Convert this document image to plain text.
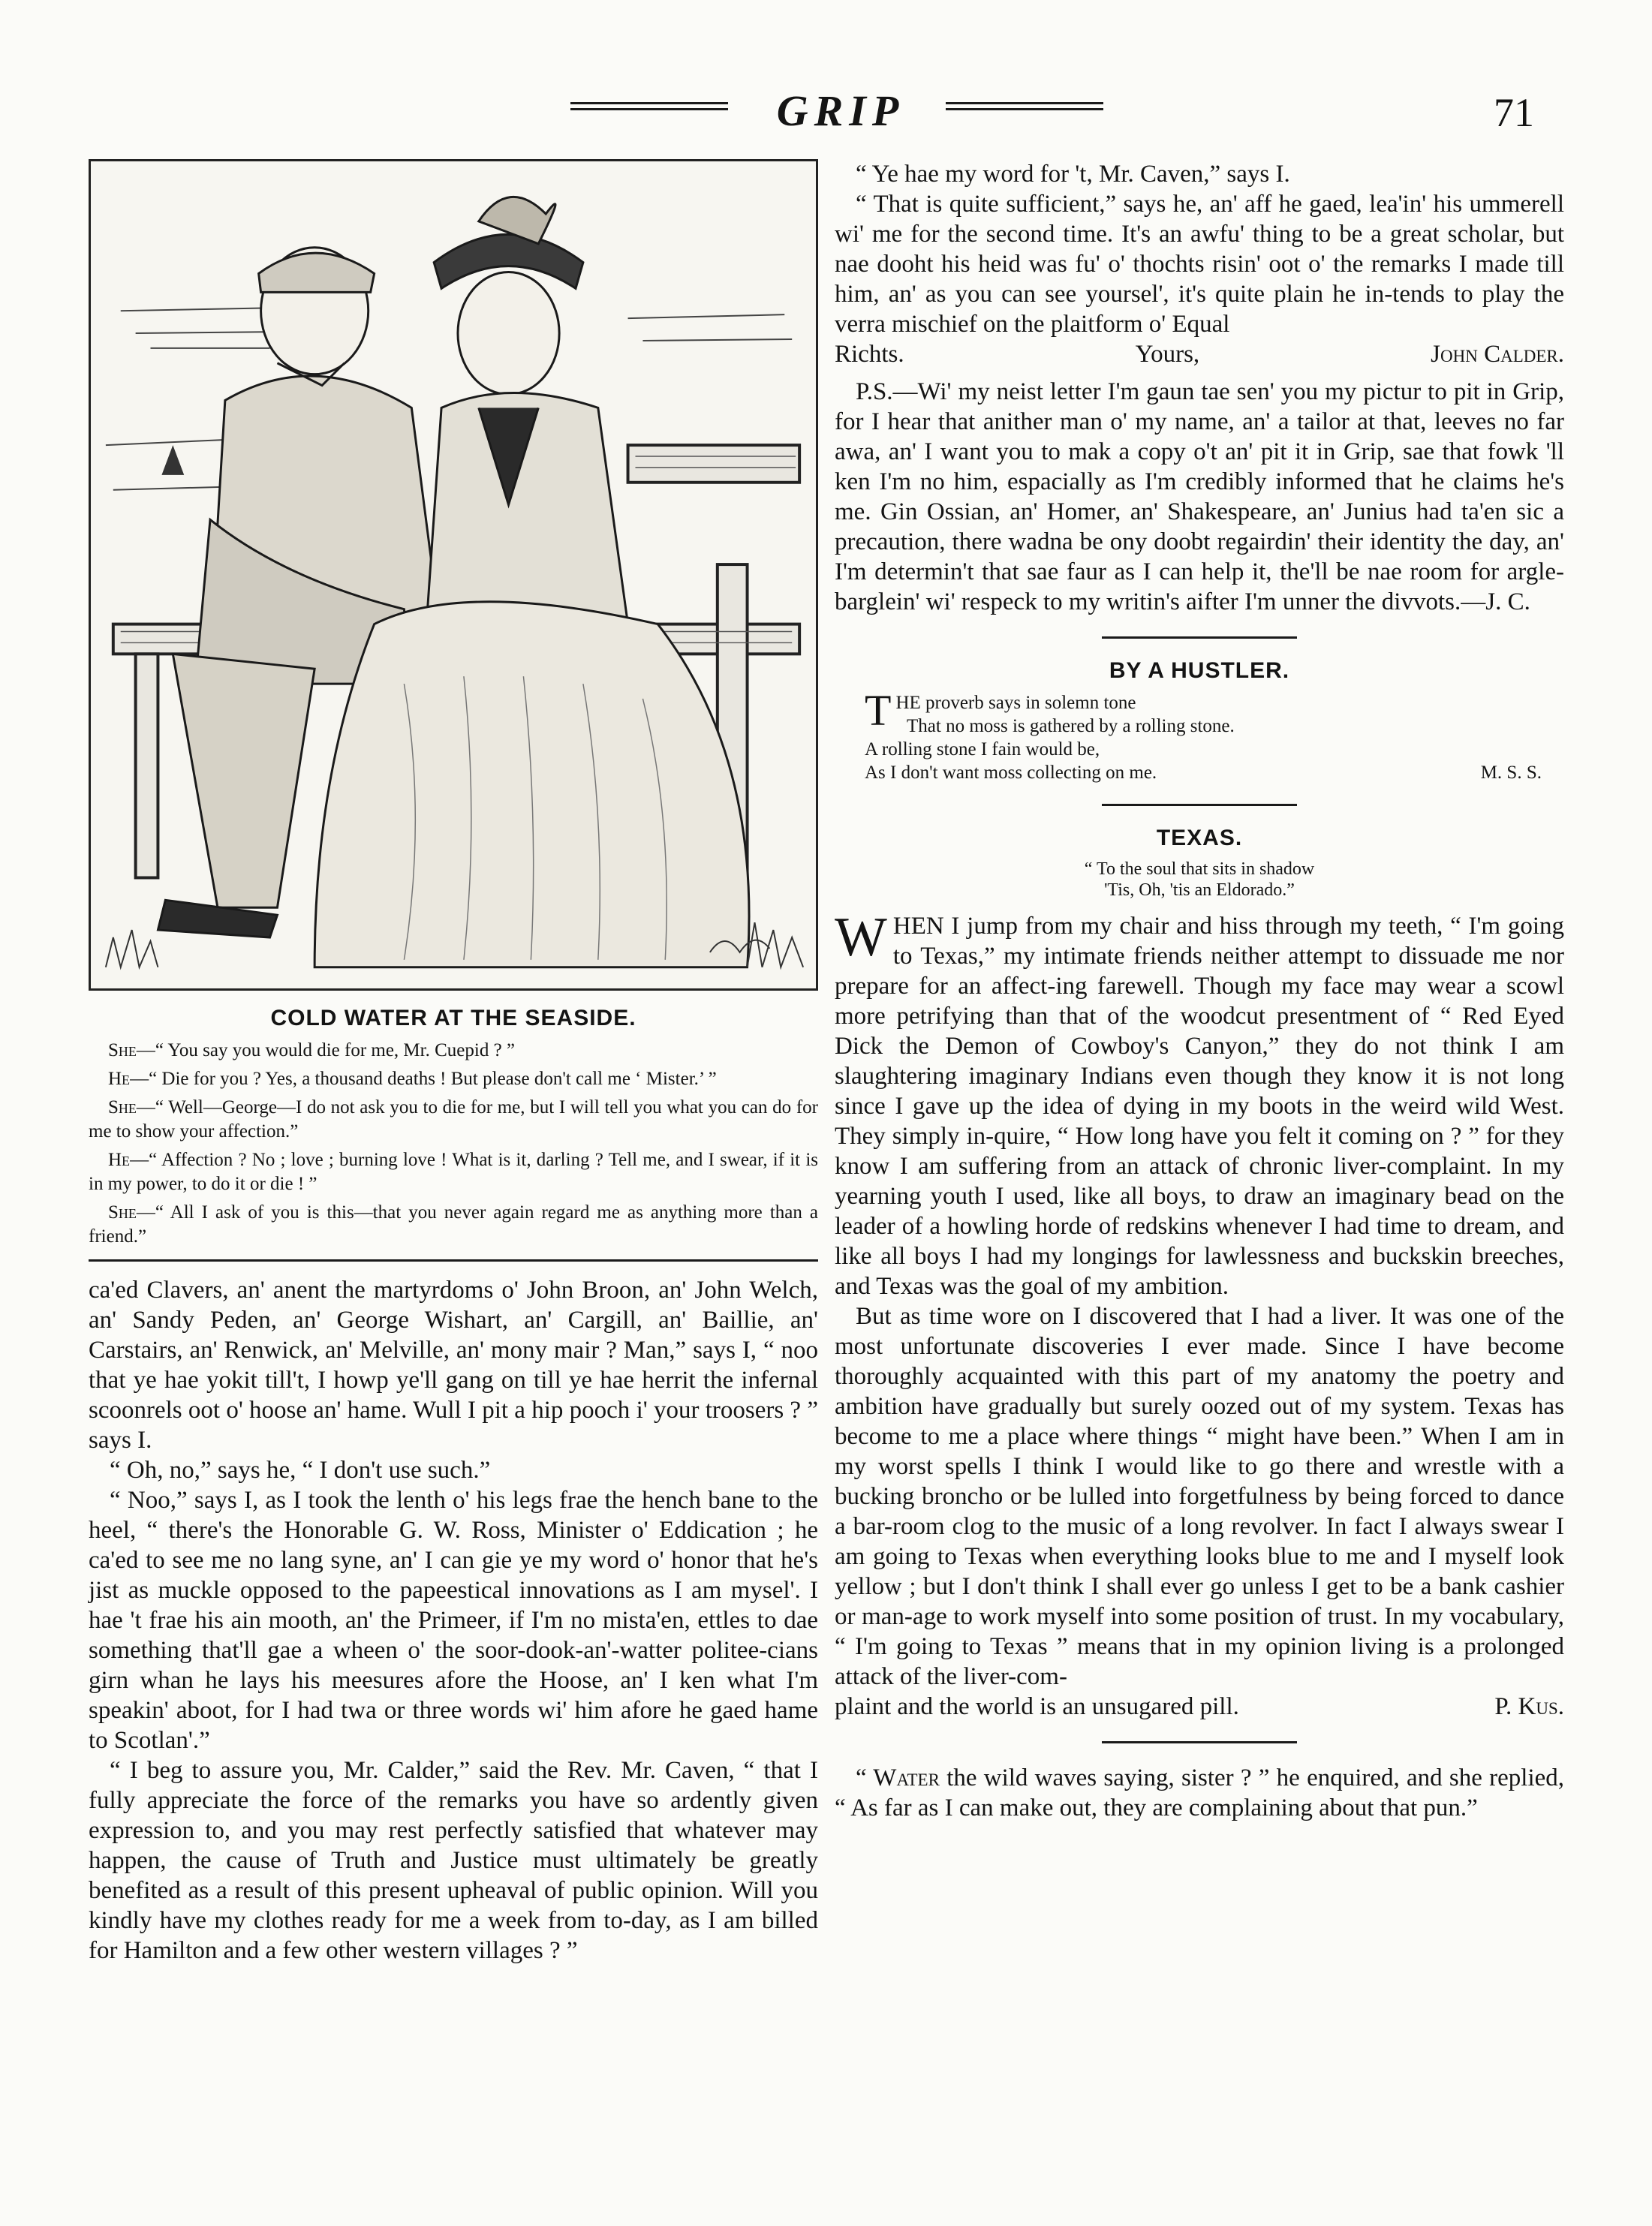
GRIP	71
COLD WATER AT THE SEASIDE.

She—“ You say you would die for me, Mr. Cuepid ? ”

He—“ Die for you ? Yes, a thousand deaths ! But please don't call me ‘ Mister.’ ”

She—“ Well—George—I do not ask you to die for me, but I will tell you what you can do for me to show your affection.”

He—“ Affection ? No ; love ; burning love ! What is it, darling ? Tell me, and I swear, if it is in my power, to do it or die ! ”

She—“ All I ask of you is this—that you never again regard me as anything more than a friend.”

ca'ed Clavers, an' anent the martyrdoms o' John Broon, an' John Welch, an' Sandy Peden, an' George Wishart, an' Cargill, an' Baillie, an' Carstairs, an' Renwick, an' Melville, an' mony mair ? Man,” says I, “ noo that ye hae yokit till't, I howp ye'll gang on till ye hae herrit the infernal scoonrels oot o' hoose an' hame. Wull I pit a hip pooch i' your troosers ? ” says I.

“ Oh, no,” says he, “ I don't use such.”

“ Noo,” says I, as I took the lenth o' his legs frae the hench bane to the heel, “ there's the Honorable G. W. Ross, Minister o' Eddication ; he ca'ed to see me no lang syne, an' I can gie ye my word o' honor that he's jist as muckle opposed to the papeestical innovations as I am mysel'. I hae 't frae his ain mooth, an' the Primeer, if I'm no mista'en, ettles to dae something that'll gae a wheen o' the soor-dook-an'-watter politee-cians girn whan he lays his meesures afore the Hoose, an' I ken what I'm speakin' aboot, for I had twa or three words wi' him afore he gaed hame to Scotlan'.”

“ I beg to assure you, Mr. Calder,” said the Rev. Mr. Caven, “ that I fully appreciate the force of the remarks you have so ardently given expression to, and you may rest perfectly satisfied that whatever may happen, the cause of Truth and Justice must ultimately be greatly benefited as a result of this present upheaval of public opinion. Will you kindly have my clothes ready for me a week from to-day, as I am billed for Hamilton and a few other western villages ? ”

“ Ye hae my word for 't, Mr. Caven,” says I.

“ That is quite sufficient,” says he, an' aff he gaed, lea'in' his ummerell wi' me for the second time. It's an awfu' thing to be a great scholar, but nae dooht his heid was fu' o' thochts risin' oot o' the remarks I made till him, an' as you can see yoursel', it's quite plain he in-tends to play the verra mischief on the plaitform o' Equal

Richts.	Yours,	John Calder.

P.S.—Wi' my neist letter I'm gaun tae sen' you my pictur to pit in Grip, for I hear that anither man o' my name, an' a tailor at that, leeves no far awa, an' I want you to mak a copy o't an' pit it in Grip, sae that fowk 'll ken I'm no him, espacially as I'm credibly informed that he claims he's me. Gin Ossian, an' Homer, an' Shakespeare, an' Junius had ta'en sic a precaution, there wadna be ony doobt regairdin' their identity the day, an' I'm determin't that sae faur as I can help it, the'll be nae room for argle-barglein' wi' respeck to my writin's aifter I'm unner the divvots.—J. C.

BY A HUSTLER.
THE proverb says in solemn tone
That no moss is gathered by a rolling stone.
A rolling stone I fain would be,
As I don't want moss collecting on me.	M. S. S.
TEXAS.
“ To the soul that sits in shadow
'Tis, Oh, 'tis an Eldorado.”

WHEN I jump from my chair and hiss through my teeth, “ I'm going to Texas,” my intimate friends neither attempt to dissuade me nor prepare for an affect-ing farewell. Though my face may wear a scowl more petrifying than that of the woodcut presentment of “ Red Eyed Dick the Demon of Cowboy's Canyon,” they do not think I am slaughtering imaginary Indians even though they know it is not long since I gave up the idea of dying in my boots in the weird wild West. They simply in-quire, “ How long have you felt it coming on ? ” for they know I am suffering from an attack of chronic liver-complaint. In my yearning youth I used, like all boys, to draw an imaginary bead on the leader of a howling horde of redskins whenever I had time to dream, and like all boys I had my longings for lawlessness and buckskin breeches, and Texas was the goal of my ambition.

But as time wore on I discovered that I had a liver. It was one of the most unfortunate discoveries I ever made. Since I have become thoroughly acquainted with this part of my anatomy the poetry and ambition have gradually but surely oozed out of my system. Texas has become to me a place where things “ might have been.” When I am in my worst spells I think I would like to go there and wrestle with a bucking broncho or be lulled into forgetfulness by being forced to dance a bar-room clog to the music of a long revolver. In fact I always swear I am going to Texas when everything looks blue to me and I myself look yellow ; but I don't think I shall ever go unless I get to be a bank cashier or man-age to work myself into some position of trust. In my vocabulary, “ I'm going to Texas ” means that in my opinion living is a prolonged attack of the liver-com-

plaint and the world is an unsugared pill.	P. Kus.

“ Water the wild waves saying, sister ? ” he enquired, and she replied, “ As far as I can make out, they are complaining about that pun.”
